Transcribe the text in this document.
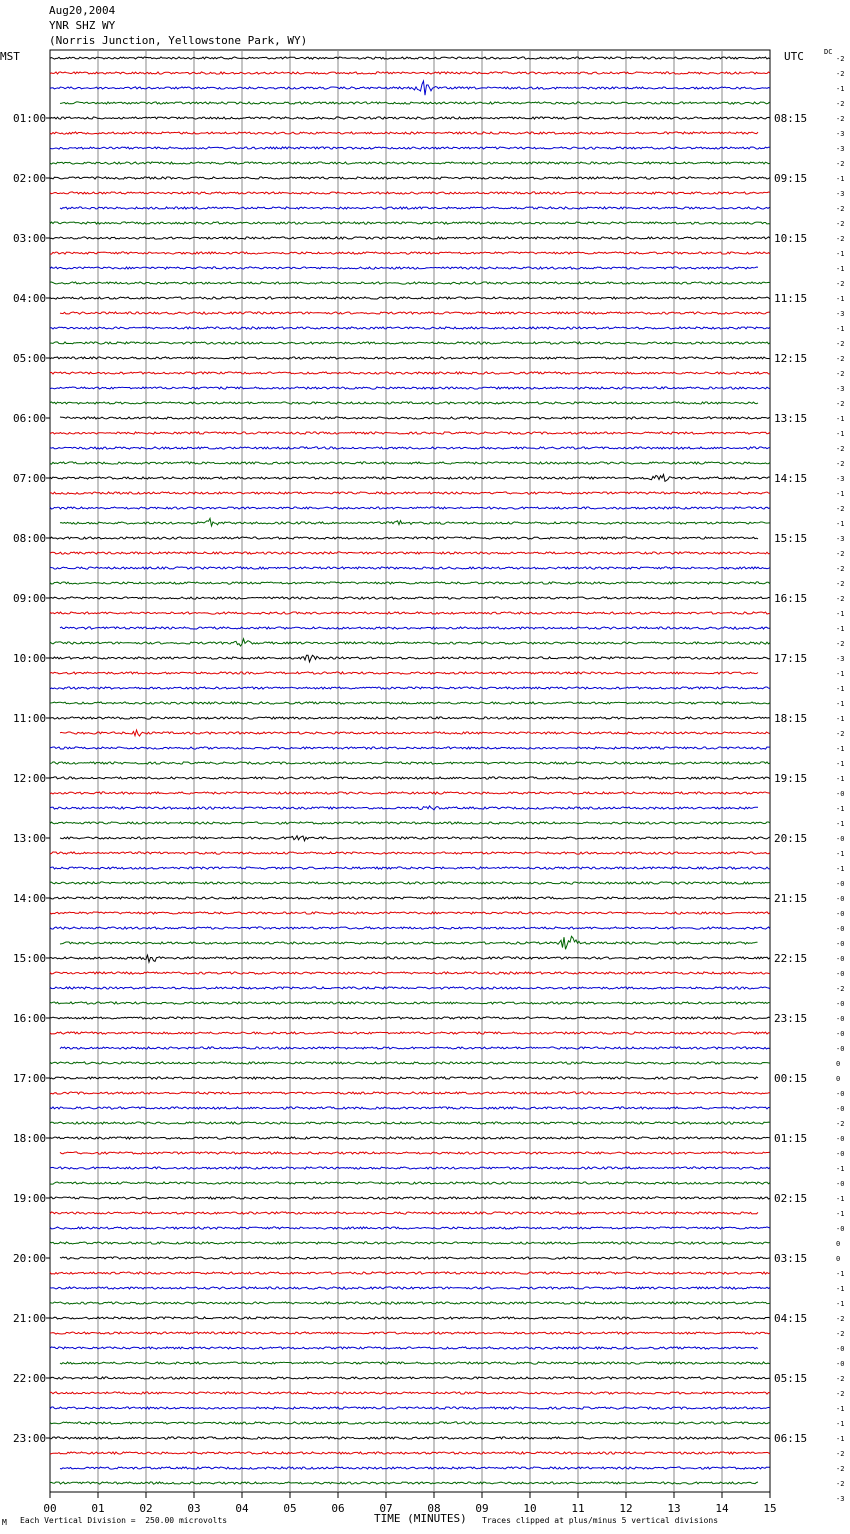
Aug20,2004
YNR SHZ WY
(Norris Junction, Yellowstone Park, WY)
MST	UTC	DC
00	01	02	03	04	05	06	07	08	09	10	11	12	13	14	15
01:00
02:00
03:00
04:00
05:00
06:00
07:00
08:00
09:00
10:00
11:00
12:00
13:00
14:00
15:00
16:00
17:00
18:00
19:00
20:00
21:00
22:00
23:00
08:15
09:15
10:15
11:15
12:15
13:15
14:15
15:15
16:15
17:15
18:15
19:15
20:15
21:15
22:15
23:15
00:15
01:15
02:15
03:15
04:15
05:15
06:15
-2
-2
-1
-2
-2
-3
-3
-2
-1
-3
-2
-2
-2
-1
-1
-2
-1
-3
-1
-2
-2
-2
-3
-2
-1
-1
-2
-2
-3
-1
-2
-1
-3
-2
-2
-2
-2
-1
-1
-2
-3
-1
-1
-1
-1
-2
-1
-1
-1
-0
-1
-1
-0
-1
-1
-0
-0
-0
-0
-0
-0
-0
-2
-0
-0
-0
-0
0
0
-0
-0
-2
-0
-0
-1
-0
-1
-1
-0
0
0
-1
-1
-1
-2
-2
-0
-0
-2
-2
-1
-1
-1
-2
-2
-2
-3
M Each Vertical Division =  250.00 microvolts	TIME (MINUTES) Traces clipped at plus/minus 5 vertical divisions
